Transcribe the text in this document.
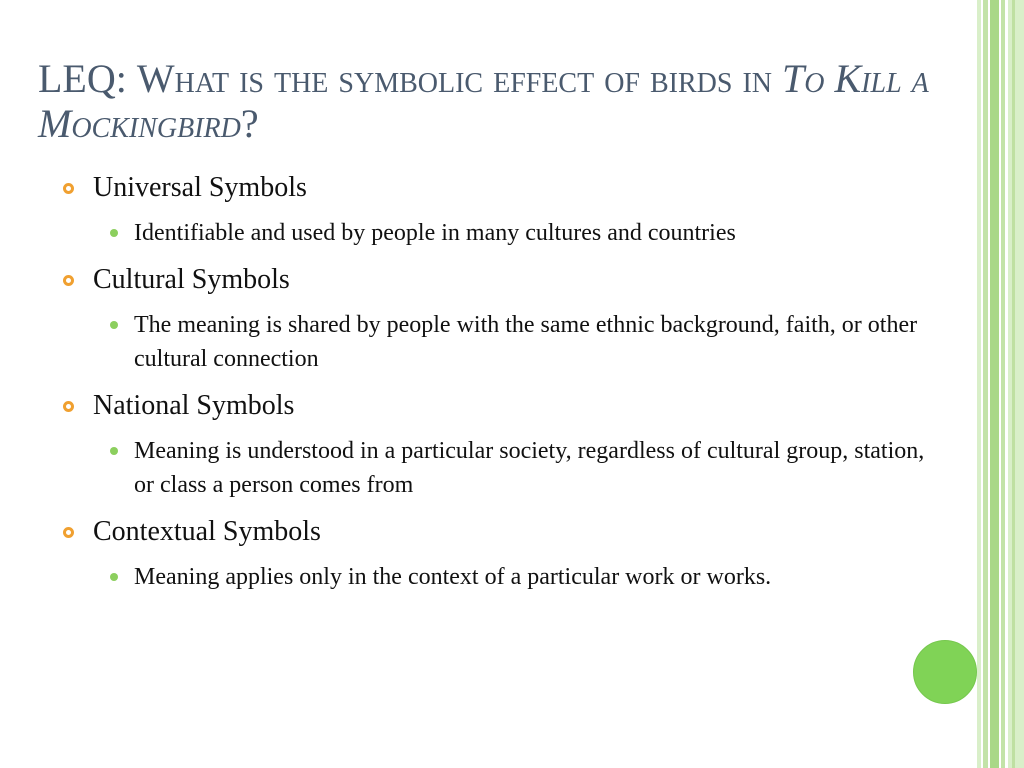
LEQ: What is the symbolic effect of birds in To Kill a Mockingbird?

Universal Symbols

Identifiable and used by people in many cultures and countries

Cultural Symbols

The meaning is shared by people with the same ethnic background, faith, or other cultural connection

National Symbols

Meaning is understood in a particular society, regardless of cultural group, station, or class a person comes from

Contextual Symbols

Meaning applies only in the context of a particular work or works.
